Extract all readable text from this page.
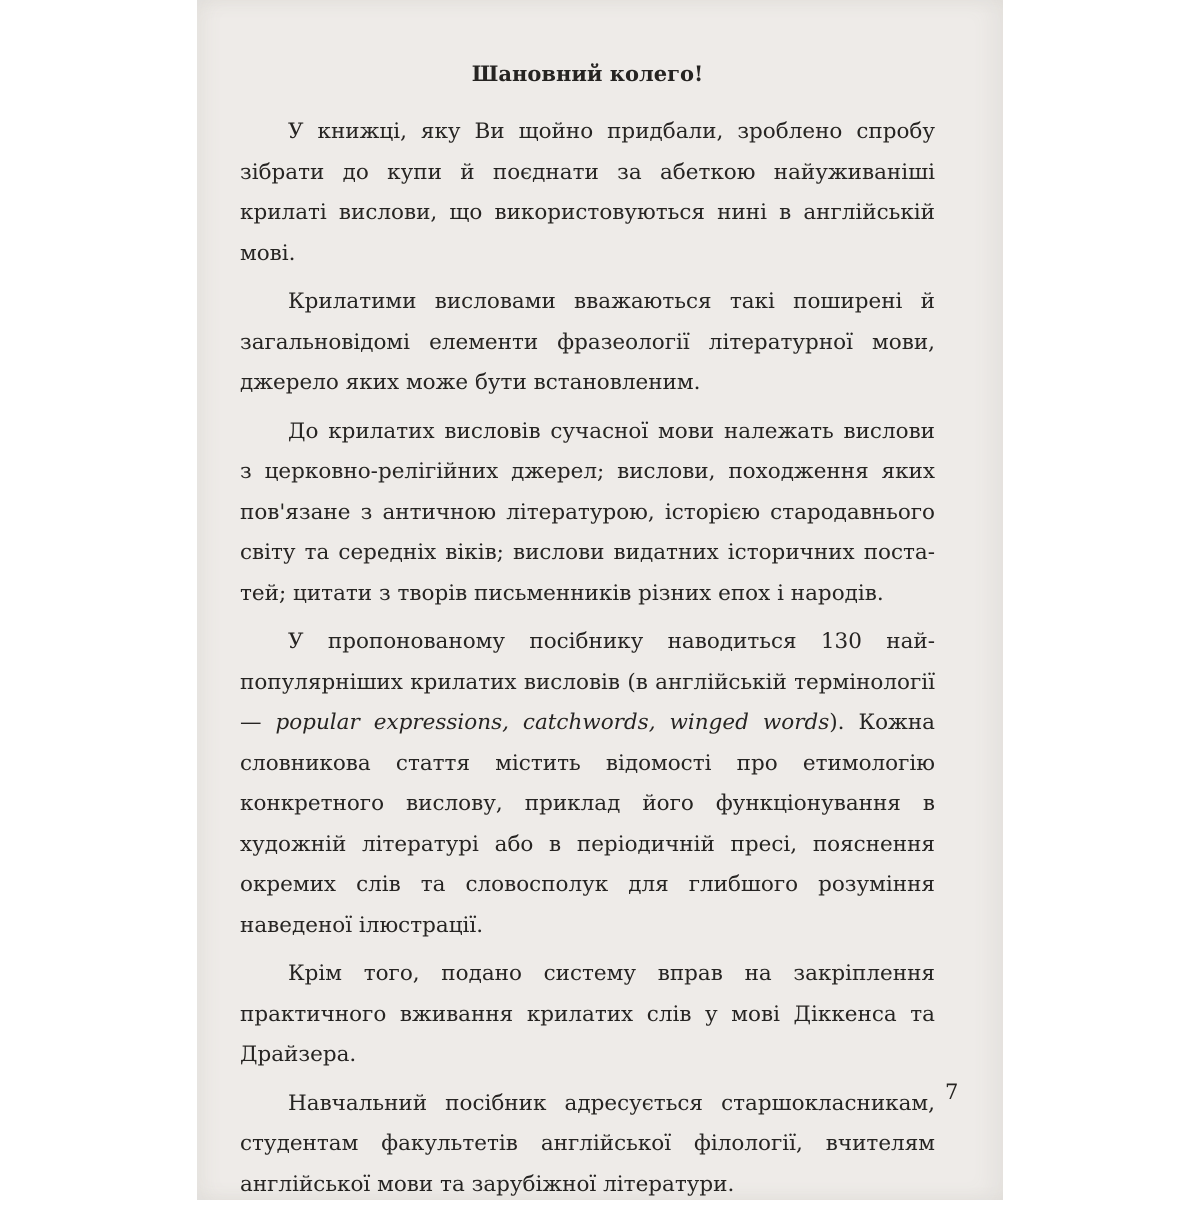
Шановний колего!

У книжці, яку Ви щойно придбали, зроблено спробу зібрати до купи й поєднати за абеткою найуживаніші крилаті вислови, що використовуються нині в англійській мові.

Крилатими висловами вважаються такі поширені й загальновідомі елементи фразеології літературної мови, джерело яких може бути встановленим.

До крилатих висловів сучасної мови належать вислови з церковно-релігійних джерел; вислови, походження яких пов'язане з античною літературою, історією стародавнього світу та середніх віків; вислови видатних історичних постатей; цитати з творів письменників різних епох і народів.

У пропонованому посібнику наводиться 130 найпопулярніших крилатих висловів (в англійській термінології — popular expressions, catchwords, winged words). Кожна словникова стаття містить відомості про етимологію конкретного вислову, приклад його функціонування в художній літературі або в періодичній пресі, пояснення окремих слів та словосполук для глибшого розуміння наведеної ілюстрації.

Крім того, подано систему вправ на закріплення практичного вживання крилатих слів у мові Діккенса та Драйзера.

Навчальний посібник адресується старшокласникам, студентам факультетів англійської філології, вчителям англійської мови та зарубіжної літератури.

7
